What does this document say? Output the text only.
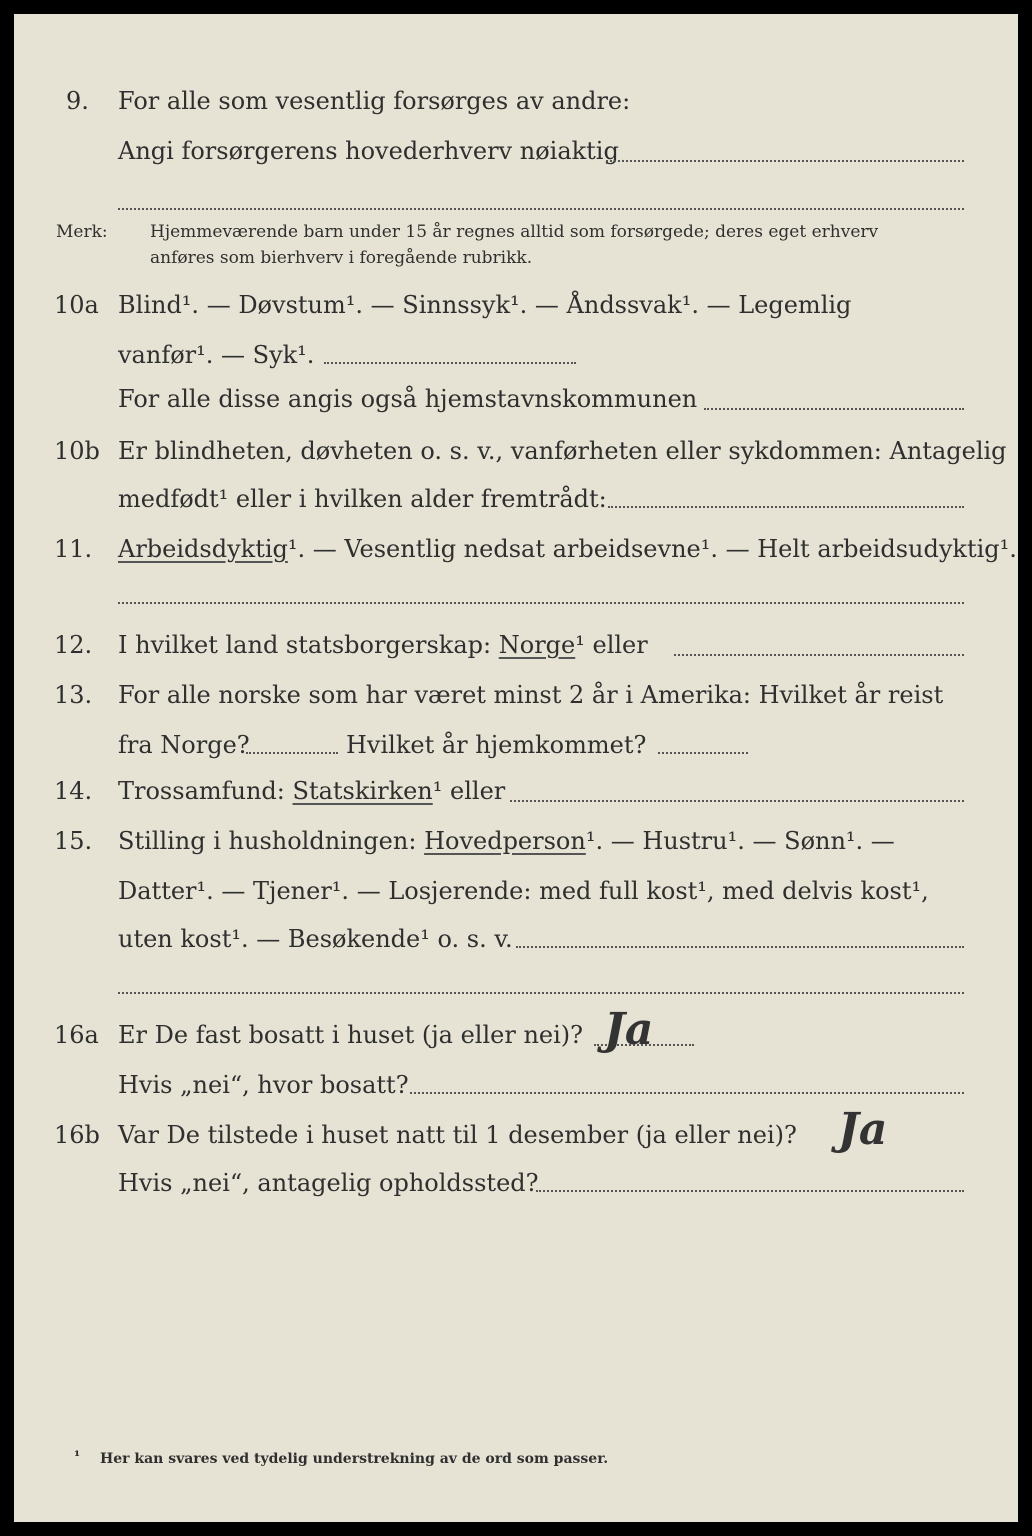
9. For alle som vesentlig forsørges av andre:
Angi forsørgerens hovederhverv nøiaktig
Merk: Hjemmeværende barn under 15 år regnes alltid som forsørgede; deres eget erhverv
anføres som bierhverv i foregående rubrikk.
10a Blind¹. — Døvstum¹. — Sinnssyk¹. — Åndssvak¹. — Legemlig
vanfør¹. — Syk¹.
For alle disse angis også hjemstavnskommunen
10b Er blindheten, døvheten o. s. v., vanførheten eller sykdommen: Antagelig
medfødt¹ eller i hvilken alder fremtrådt:
11. Arbeidsdyktig¹. — Vesentlig nedsat arbeidsevne¹. — Helt arbeidsudyktig¹.
12. I hvilket land statsborgerskap: Norge¹ eller
13. For alle norske som har været minst 2 år i Amerika: Hvilket år reist
fra Norge?	Hvilket år hjemkommet?
14. Trossamfund: Statskirken¹ eller
15. Stilling i husholdningen: Hovedperson¹. — Hustru¹. — Sønn¹. —
Datter¹. — Tjener¹. — Losjerende: med full kost¹, med delvis kost¹,
uten kost¹. — Besøkende¹ o. s. v.
16a Er De fast bosatt i huset (ja eller nei)? Ja
Hvis „nei“, hvor bosatt?
16b Var De tilstede i huset natt til 1 desember (ja eller nei)? Ja
Hvis „nei“, antagelig opholdssted?
¹ Her kan svares ved tydelig understrekning av de ord som passer.
